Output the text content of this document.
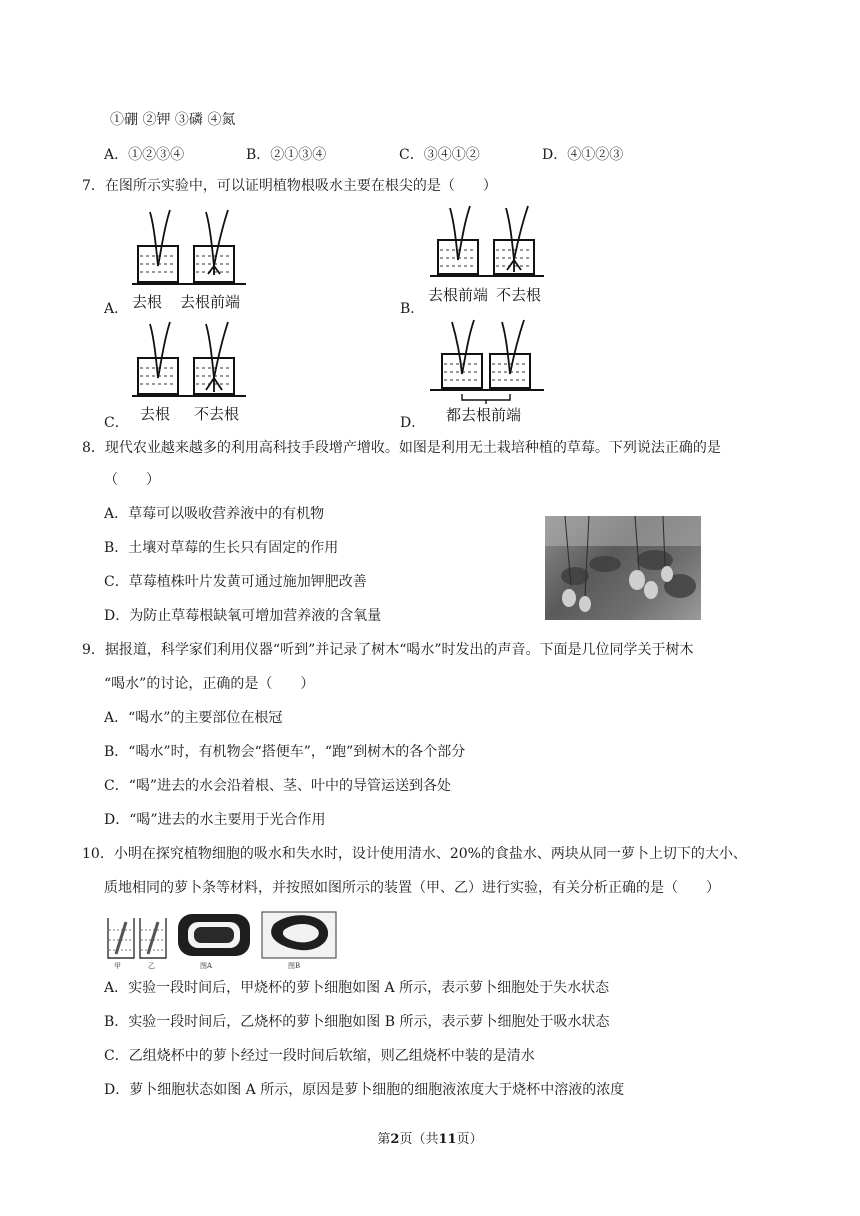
①硼 ②钾 ③磷 ④氮
A．①②③④	B．②①③④	C．③④①②	D．④①②③
7．在图所示实验中，可以证明植物根吸水主要在根尖的是（　　）
A． 去根 去根前端	B．
去根前端 不去根
C． 去根 不去根	D． 都去根前端
8．现代农业越来越多的利用高科技手段增产增收。如图是利用无土栽培种植的草莓。下列说法正确的是
（　　）
A．草莓可以吸收营养液中的有机物
B．土壤对草莓的生长只有固定的作用
C．草莓植株叶片发黄可通过施加钾肥改善
D．为防止草莓根缺氧可增加营养液的含氧量
9．据报道，科学家们利用仪器“听到”并记录了树木“喝水”时发出的声音。下面是几位同学关于树木
“喝水”的讨论，正确的是（　　）
A．“喝水”的主要部位在根冠
B．“喝水”时，有机物会“搭便车”，“跑”到树木的各个部分
C．“喝”进去的水会沿着根、茎、叶中的导管运送到各处
D．“喝”进去的水主要用于光合作用
10．小明在探究植物细胞的吸水和失水时，设计使用清水、20%的食盐水、两块从同一萝卜上切下的大小、
质地相同的萝卜条等材料，并按照如图所示的装置（甲、乙）进行实验，有关分析正确的是（　　）
甲	乙	图A	图B
A．实验一段时间后，甲烧杯的萝卜细胞如图 A 所示，表示萝卜细胞处于失水状态
B．实验一段时间后，乙烧杯的萝卜细胞如图 B 所示，表示萝卜细胞处于吸水状态
C．乙组烧杯中的萝卜经过一段时间后软缩，则乙组烧杯中装的是清水
D．萝卜细胞状态如图 A 所示，原因是萝卜细胞的细胞液浓度大于烧杯中溶液的浓度
第2页（共11页）
